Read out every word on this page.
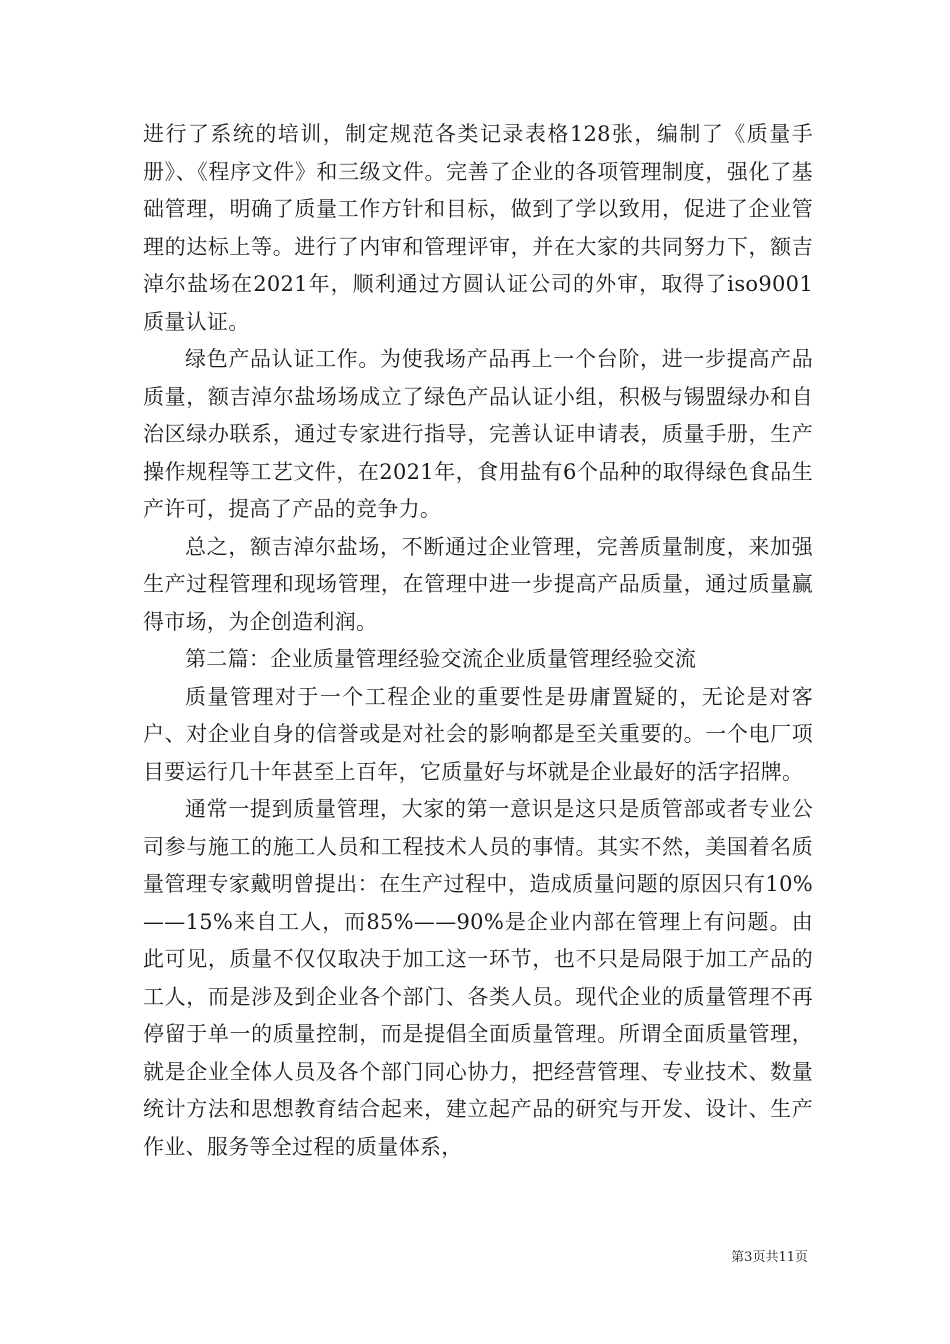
进行了系统的培训，制定规范各类记录表格128张，编制了《质量手册》、《程序文件》和三级文件。完善了企业的各项管理制度，强化了基础管理，明确了质量工作方针和目标，做到了学以致用，促进了企业管理的达标上等。进行了内审和管理评审，并在大家的共同努力下，额吉淖尔盐场在2021年，顺利通过方圆认证公司的外审，取得了iso9001质量认证。

绿色产品认证工作。为使我场产品再上一个台阶，进一步提高产品质量，额吉淖尔盐场场成立了绿色产品认证小组，积极与锡盟绿办和自治区绿办联系，通过专家进行指导，完善认证申请表，质量手册，生产操作规程等工艺文件，在2021年，食用盐有6个品种的取得绿色食品生产许可，提高了产品的竞争力。

总之，额吉淖尔盐场，不断通过企业管理，完善质量制度，来加强生产过程管理和现场管理，在管理中进一步提高产品质量，通过质量赢得市场，为企创造利润。

第二篇：企业质量管理经验交流企业质量管理经验交流

质量管理对于一个工程企业的重要性是毋庸置疑的，无论是对客户、对企业自身的信誉或是对社会的影响都是至关重要的。一个电厂项目要运行几十年甚至上百年，它质量好与坏就是企业最好的活字招牌。

通常一提到质量管理，大家的第一意识是这只是质管部或者专业公司参与施工的施工人员和工程技术人员的事情。其实不然，美国着名质量管理专家戴明曾提出：在生产过程中，造成质量问题的原因只有10%——15%来自工人，而85%——90%是企业内部在管理上有问题。由此可见，质量不仅仅取决于加工这一环节，也不只是局限于加工产品的工人，而是涉及到企业各个部门、各类人员。现代企业的质量管理不再停留于单一的质量控制，而是提倡全面质量管理。所谓全面质量管理，就是企业全体人员及各个部门同心协力，把经营管理、专业技术、数量统计方法和思想教育结合起来，建立起产品的研究与开发、设计、生产作业、服务等全过程的质量体系，

第3页共11页
